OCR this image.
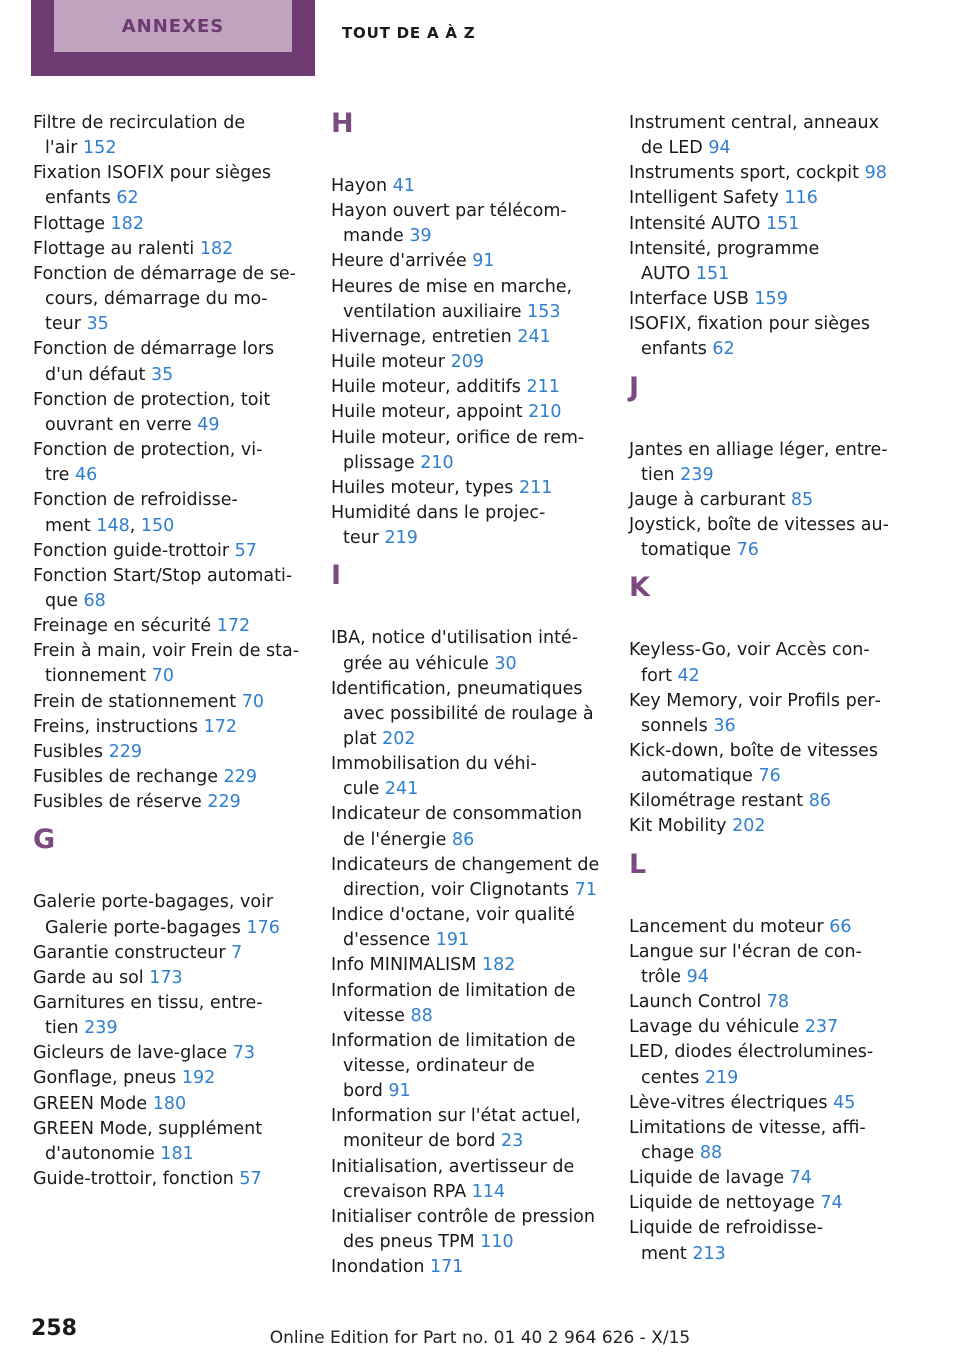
ANNEXES	TOUT DE A À Z
Filtre de recirculation de
l'air 152
Fixation ISOFIX pour sièges
enfants 62
Flottage 182
Flottage au ralenti 182
Fonction de démarrage de se‐
cours, démarrage du mo‐
teur 35
Fonction de démarrage lors
d'un défaut 35
Fonction de protection, toit
ouvrant en verre 49
Fonction de protection, vi‐
tre 46
Fonction de refroidisse‐
ment 148, 150
Fonction guide-trottoir 57
Fonction Start/Stop automati‐
que 68
Freinage en sécurité 172
Frein à main, voir Frein de sta‐
tionnement 70
Frein de stationnement 70
Freins, instructions 172
Fusibles 229
Fusibles de rechange 229
Fusibles de réserve 229
G
Galerie porte-bagages, voir
Galerie porte-bagages 176
Garantie constructeur 7
Garde au sol 173
Garnitures en tissu, entre‐
tien 239
Gicleurs de lave-glace 73
Gonflage, pneus 192
GREEN Mode 180
GREEN Mode, supplément
d'autonomie 181
Guide-trottoir, fonction 57
H
Hayon 41
Hayon ouvert par télécom‐
mande 39
Heure d'arrivée 91
Heures de mise en marche,
ventilation auxiliaire 153
Hivernage, entretien 241
Huile moteur 209
Huile moteur, additifs 211
Huile moteur, appoint 210
Huile moteur, orifice de rem‐
plissage 210
Huiles moteur, types 211
Humidité dans le projec‐
teur 219
I
IBA, notice d'utilisation inté‐
grée au véhicule 30
Identification, pneumatiques
avec possibilité de roulage à
plat 202
Immobilisation du véhi‐
cule 241
Indicateur de consommation
de l'énergie 86
Indicateurs de changement de
direction, voir Clignotants 71
Indice d'octane, voir qualité
d'essence 191
Info MINIMALISM 182
Information de limitation de
vitesse 88
Information de limitation de
vitesse, ordinateur de
bord 91
Information sur l'état actuel,
moniteur de bord 23
Initialisation, avertisseur de
crevaison RPA 114
Initialiser contrôle de pression
des pneus TPM 110
Inondation 171
Instrument central, anneaux
de LED 94
Instruments sport, cockpit 98
Intelligent Safety 116
Intensité AUTO 151
Intensité, programme
AUTO 151
Interface USB 159
ISOFIX, fixation pour sièges
enfants 62
J
Jantes en alliage léger, entre‐
tien 239
Jauge à carburant 85
Joystick, boîte de vitesses au‐
tomatique 76
K
Keyless-Go, voir Accès con‐
fort 42
Key Memory, voir Profils per‐
sonnels 36
Kick-down, boîte de vitesses
automatique 76
Kilométrage restant 86
Kit Mobility 202
L
Lancement du moteur 66
Langue sur l'écran de con‐
trôle 94
Launch Control 78
Lavage du véhicule 237
LED, diodes électrolumines‐
centes 219
Lève-vitres électriques 45
Limitations de vitesse, affi‐
chage 88
Liquide de lavage 74
Liquide de nettoyage 74
Liquide de refroidisse‐
ment 213
258	Online Edition for Part no. 01 40 2 964 626 - X/15
